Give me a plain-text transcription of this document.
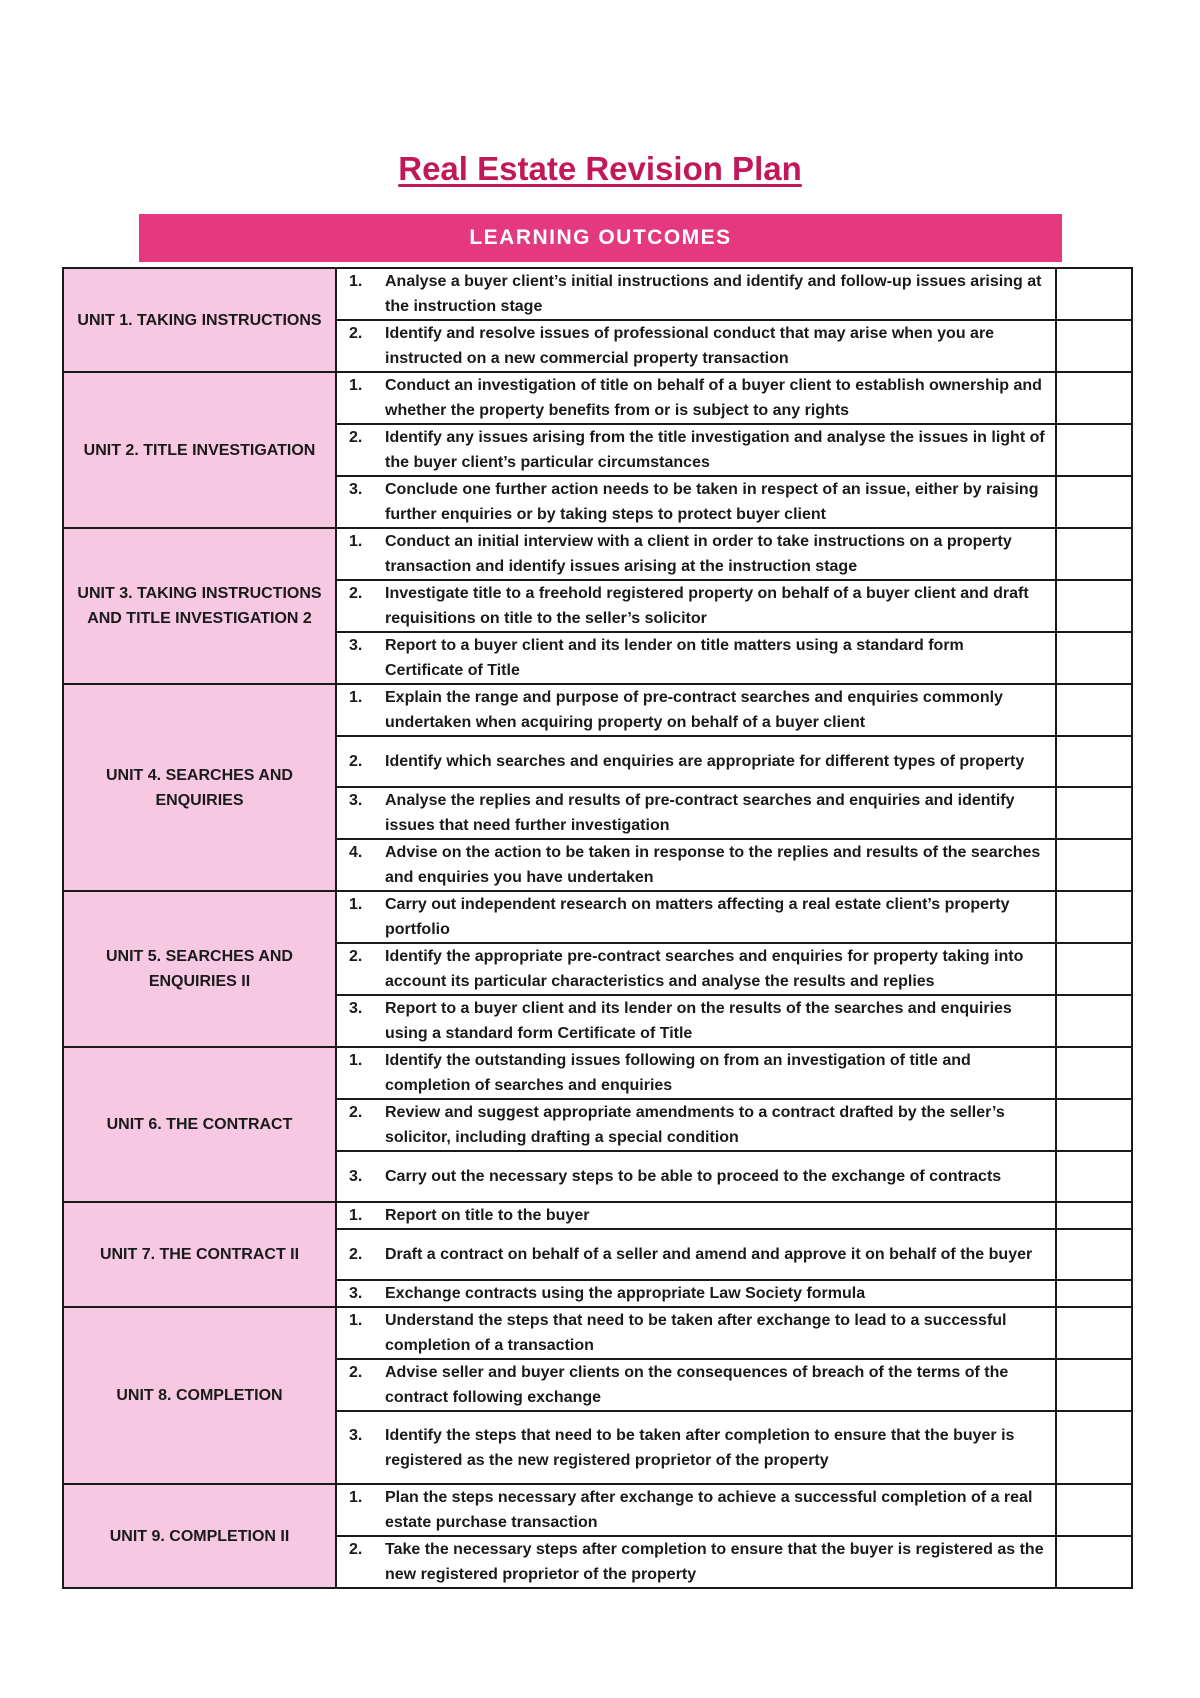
Real Estate Revision Plan
LEARNING OUTCOMES
UNIT 1. TAKING INSTRUCTIONS	1. Analyse a buyer client’s initial instructions and identify and follow-up issues arising at the instruction stage	

	2. Identify and resolve issues of professional conduct that may arise when you are instructed on a new commercial property transaction	

UNIT 2. TITLE INVESTIGATION	1. Conduct an investigation of title on behalf of a buyer client to establish ownership and whether the property benefits from or is subject to any rights	

	2. Identify any issues arising from the title investigation and analyse the issues in light of the buyer client’s particular circumstances	

	3. Conclude one further action needs to be taken in respect of an issue, either by raising further enquiries or by taking steps to protect buyer client	

UNIT 3. TAKING INSTRUCTIONS AND TITLE INVESTIGATION 2	1. Conduct an initial interview with a client in order to take instructions on a property transaction and identify issues arising at the instruction stage	

	2. Investigate title to a freehold registered property on behalf of a buyer client and draft requisitions on title to the seller’s solicitor	

	3. Report to a buyer client and its lender on title matters using a standard form Certificate of Title	

UNIT 4. SEARCHES AND ENQUIRIES	1. Explain the range and purpose of pre-contract searches and enquiries commonly undertaken when acquiring property on behalf of a buyer client	

	2. Identify which searches and enquiries are appropriate for different types of property	

	3. Analyse the replies and results of pre-contract searches and enquiries and identify issues that need further investigation	

	4. Advise on the action to be taken in response to the replies and results of the searches and enquiries you have undertaken	

UNIT 5. SEARCHES AND ENQUIRIES II	1. Carry out independent research on matters affecting a real estate client’s property portfolio	

	2. Identify the appropriate pre-contract searches and enquiries for property taking into account its particular characteristics and analyse the results and replies	

	3. Report to a buyer client and its lender on the results of the searches and enquiries using a standard form Certificate of Title	

UNIT 6. THE CONTRACT	1. Identify the outstanding issues following on from an investigation of title and completion of searches and enquiries	

	2. Review and suggest appropriate amendments to a contract drafted by the seller’s solicitor, including drafting a special condition	

	3. Carry out the necessary steps to be able to proceed to the exchange of contracts	

UNIT 7. THE CONTRACT II	1. Report on title to the buyer	

	2. Draft a contract on behalf of a seller and amend and approve it on behalf of the buyer	

	3. Exchange contracts using the appropriate Law Society formula	

UNIT 8. COMPLETION	1. Understand the steps that need to be taken after exchange to lead to a successful completion of a transaction	

	2. Advise seller and buyer clients on the consequences of breach of the terms of the contract following exchange	

	3. Identify the steps that need to be taken after completion to ensure that the buyer is registered as the new registered proprietor of the property	

UNIT 9. COMPLETION II	1. Plan the steps necessary after exchange to achieve a successful completion of a real estate purchase transaction	

	2. Take the necessary steps after completion to ensure that the buyer is registered as the new registered proprietor of the property	
